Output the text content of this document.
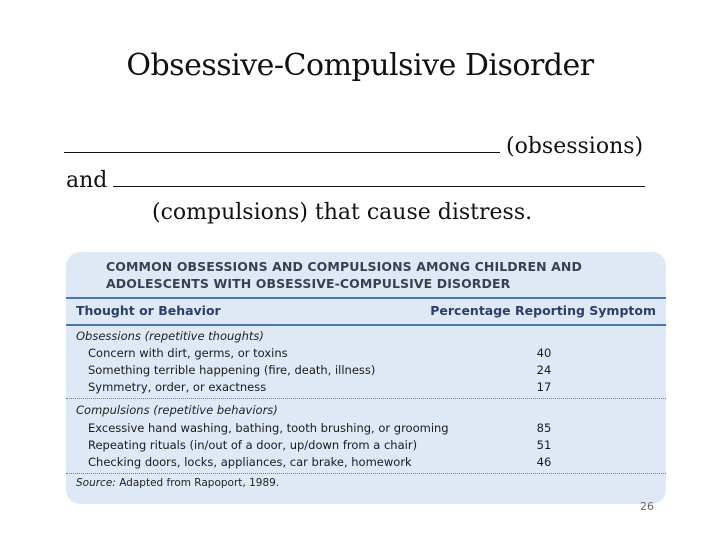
Obsessive-Compulsive Disorder
(obsessions)
and
(compulsions) that cause distress.
COMMON OBSESSIONS AND COMPULSIONS AMONG CHILDREN AND
ADOLESCENTS WITH OBSESSIVE-COMPULSIVE DISORDER
Thought or Behavior	Percentage Reporting Symptom
Obsessions (repetitive thoughts)
Concern with dirt, germs, or toxins	40
Something terrible happening (fire, death, illness)	24
Symmetry, order, or exactness	17
Compulsions (repetitive behaviors)
Excessive hand washing, bathing, tooth brushing, or grooming	85
Repeating rituals (in/out of a door, up/down from a chair)	51
Checking doors, locks, appliances, car brake, homework	46
Source: Adapted from Rapoport, 1989.
26
